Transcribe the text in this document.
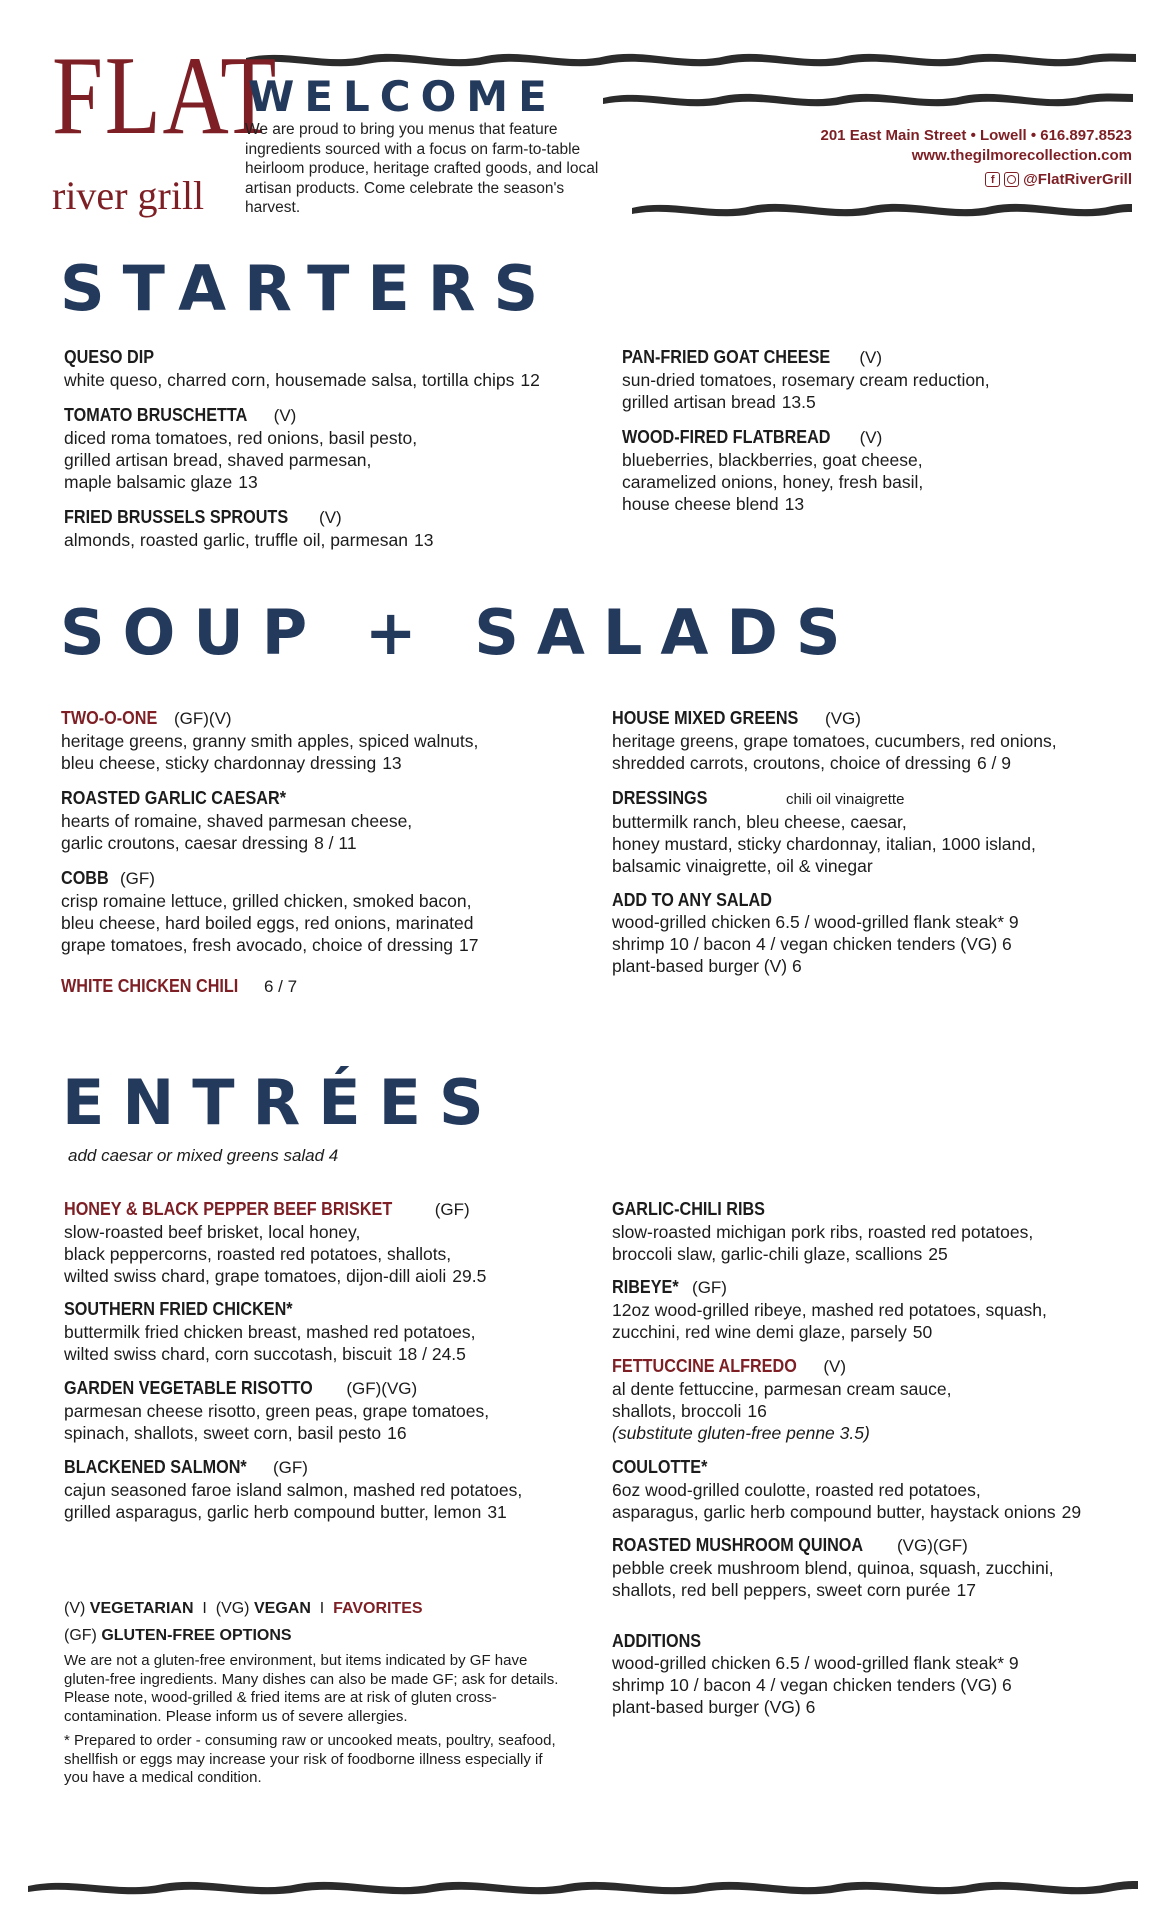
FLAT
river grill
WELCOME
We are proud to bring you menus that feature ingredients sourced with a focus on farm-to-table heirloom produce, heritage crafted goods, and local artisan products. Come celebrate the season's harvest.
201 East Main Street • Lowell • 616.897.8523
www.thegilmorecollection.com
f	@FlatRiverGrill
STARTERS
QUESO DIP
white queso, charred corn, housemade salsa, tortilla chips 12
TOMATO BRUSCHETTA (V)
diced roma tomatoes, red onions, basil pesto,
grilled artisan bread, shaved parmesan,
maple balsamic glaze 13
FRIED BRUSSELS SPROUTS (V)
almonds, roasted garlic, truffle oil, parmesan 13
PAN-FRIED GOAT CHEESE (V)
sun-dried tomatoes, rosemary cream reduction,
grilled artisan bread 13.5
WOOD-FIRED FLATBREAD (V)
blueberries, blackberries, goat cheese,
caramelized onions, honey, fresh basil,
house cheese blend 13
SOUP + SALADS
TWO-O-ONE (GF)(V)
heritage greens, granny smith apples, spiced walnuts,
bleu cheese, sticky chardonnay dressing 13
ROASTED GARLIC CAESAR*
hearts of romaine, shaved parmesan cheese,
garlic croutons, caesar dressing 8 / 11
COBB (GF)
crisp romaine lettuce, grilled chicken, smoked bacon,
bleu cheese, hard boiled eggs, red onions, marinated
grape tomatoes, fresh avocado, choice of dressing 17
WHITE CHICKEN CHILI 6 / 7
HOUSE MIXED GREENS (VG)
heritage greens, grape tomatoes, cucumbers, red onions,
shredded carrots, croutons, choice of dressing 6 / 9
DRESSINGS	chili oil vinaigrette
buttermilk ranch, bleu cheese, caesar,
honey mustard, sticky chardonnay, italian, 1000 island,
balsamic vinaigrette, oil & vinegar
ADD TO ANY SALAD
wood-grilled chicken 6.5 / wood-grilled flank steak* 9
shrimp 10 / bacon 4 / vegan chicken tenders (VG) 6
plant-based burger (V) 6
ENTRÉES
add caesar or mixed greens salad 4
HONEY & BLACK PEPPER BEEF BRISKET (GF)
slow-roasted beef brisket, local honey,
black peppercorns, roasted red potatoes, shallots,
wilted swiss chard, grape tomatoes, dijon-dill aioli 29.5
SOUTHERN FRIED CHICKEN*
buttermilk fried chicken breast, mashed red potatoes,
wilted swiss chard, corn succotash, biscuit 18 / 24.5
GARDEN VEGETABLE RISOTTO (GF)(VG)
parmesan cheese risotto, green peas, grape tomatoes,
spinach, shallots, sweet corn, basil pesto 16
BLACKENED SALMON* (GF)
cajun seasoned faroe island salmon, mashed red potatoes,
grilled asparagus, garlic herb compound butter, lemon 31
GARLIC-CHILI RIBS
slow-roasted michigan pork ribs, roasted red potatoes,
broccoli slaw, garlic-chili glaze, scallions 25
RIBEYE* (GF)
12oz wood-grilled ribeye, mashed red potatoes, squash,
zucchini, red wine demi glaze, parsely 50
FETTUCCINE ALFREDO (V)
al dente fettuccine, parmesan cream sauce,
shallots, broccoli 16
(substitute gluten-free penne 3.5)
COULOTTE*
6oz wood-grilled coulotte, roasted red potatoes,
asparagus, garlic herb compound butter, haystack onions 29
ROASTED MUSHROOM QUINOA (VG)(GF)
pebble creek mushroom blend, quinoa, squash, zucchini,
shallots, red bell peppers, sweet corn purée 17
ADDITIONS
wood-grilled chicken 6.5 / wood-grilled flank steak* 9
shrimp 10 / bacon 4 / vegan chicken tenders (VG) 6
plant-based burger (VG) 6
(V) VEGETARIAN I (VG) VEGAN I FAVORITES
(GF) GLUTEN-FREE OPTIONS
We are not a gluten-free environment, but items indicated by GF have gluten-free ingredients. Many dishes can also be made GF; ask for details. Please note, wood-grilled & fried items are at risk of gluten cross-contamination. Please inform us of severe allergies.
* Prepared to order - consuming raw or uncooked meats, poultry, seafood, shellfish or eggs may increase your risk of foodborne illness especially if you have a medical condition.
